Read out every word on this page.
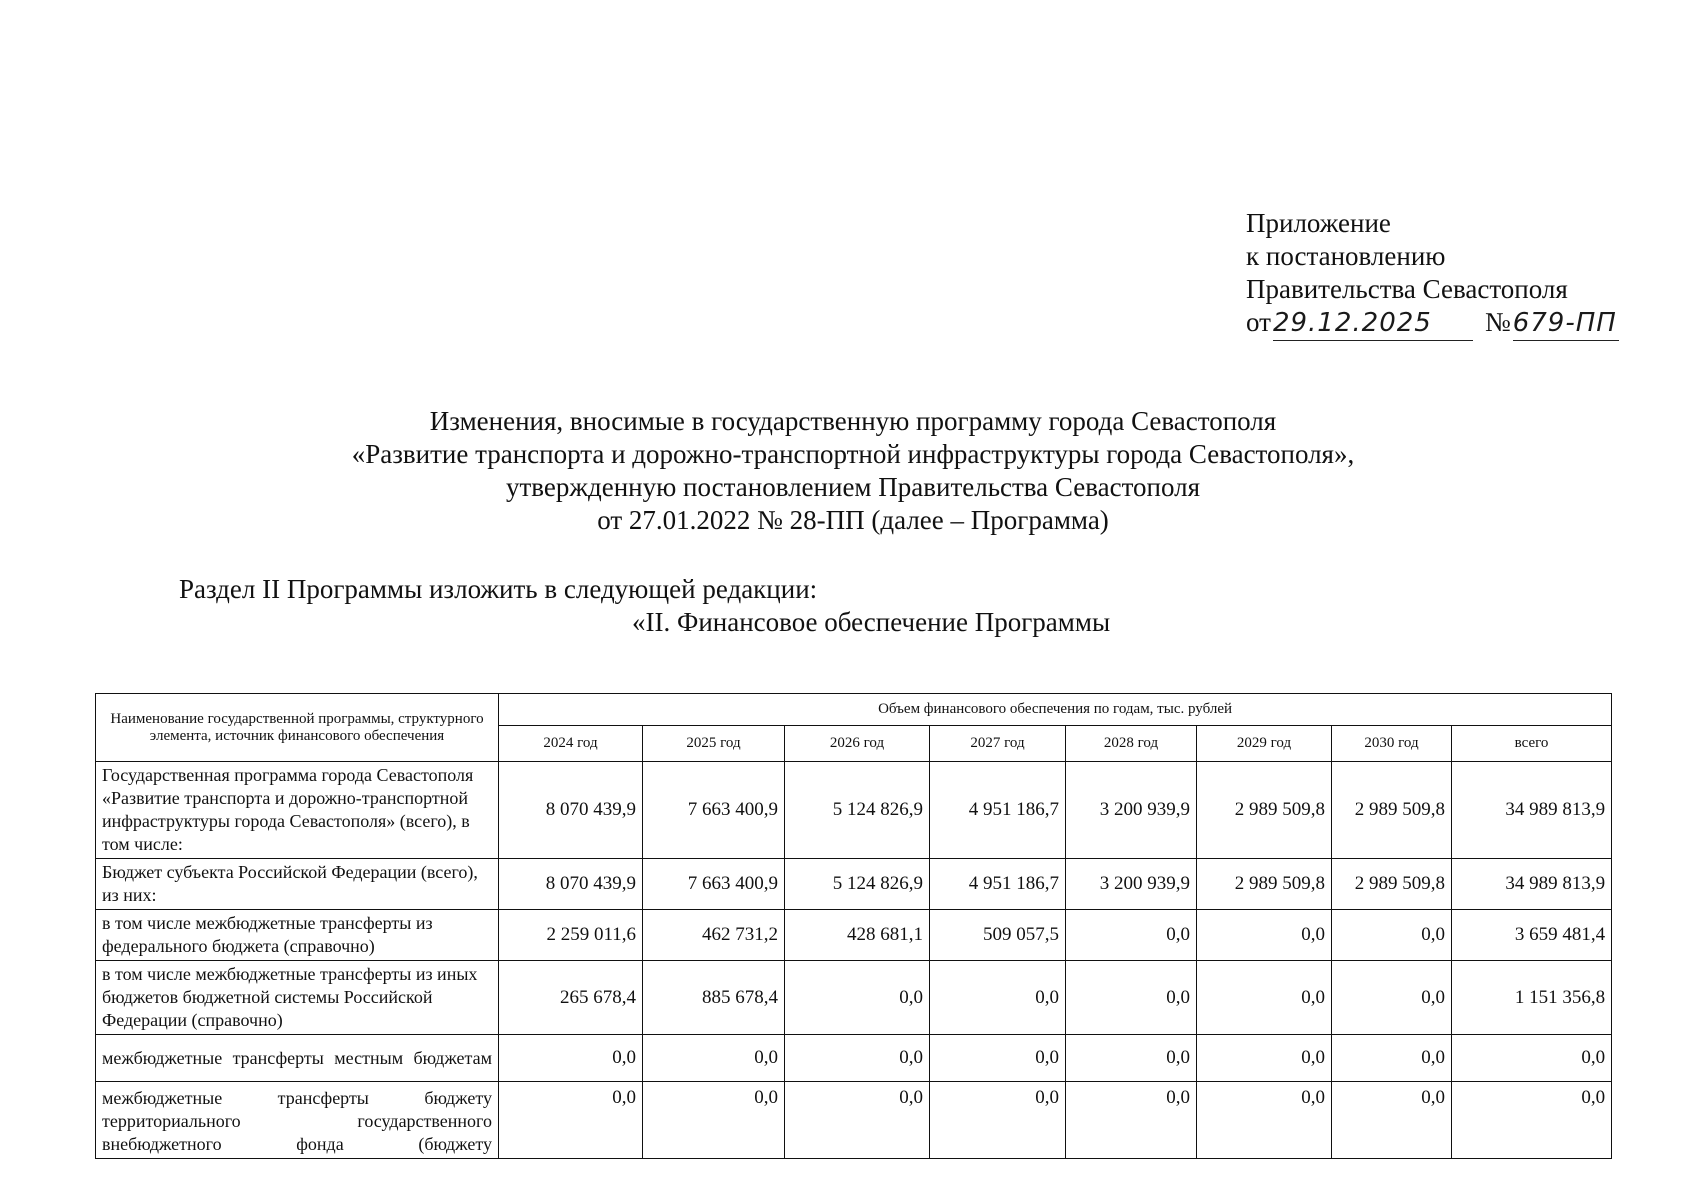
Приложение
к постановлению
Правительства Севастополя
от29.12.2025 №679-ПП
Изменения, вносимые в государственную программу города Севастополя
«Развитие транспорта и дорожно-транспортной инфраструктуры города Севастополя»,
утвержденную постановлением Правительства Севастополя
от 27.01.2022 № 28-ПП (далее – Программа)
Раздел II Программы изложить в следующей редакции:
«II. Финансовое обеспечение Программы
Наименование государственной программы, структурного элемента, источник финансового обеспечения	Объем финансового обеспечения по годам, тыс. рублей							
	2024 год	2025 год	2026 год	2027 год	2028 год	2029 год	2030 год	всего
Государственная программа города Севастополя «Развитие транспорта и дорожно-транспортной инфраструктуры города Севастополя» (всего), в том числе:	8 070 439,9	7 663 400,9	5 124 826,9	4 951 186,7	3 200 939,9	2 989 509,8	2 989 509,8	34 989 813,9
Бюджет субъекта Российской Федерации (всего), из них:	8 070 439,9	7 663 400,9	5 124 826,9	4 951 186,7	3 200 939,9	2 989 509,8	2 989 509,8	34 989 813,9
в том числе межбюджетные трансферты из федерального бюджета (справочно)	2 259 011,6	462 731,2	428 681,1	509 057,5	0,0	0,0	0,0	3 659 481,4
в том числе межбюджетные трансферты из иных бюджетов бюджетной системы Российской Федерации (справочно)	265 678,4	885 678,4	0,0	0,0	0,0	0,0	0,0	1 151 356,8
межбюджетные трансферты местным бюджетам	0,0	0,0	0,0	0,0	0,0	0,0	0,0	0,0
межбюджетные трансферты бюджету территориального государственного внебюджетного фонда (бюджету	0,0	0,0	0,0	0,0	0,0	0,0	0,0	0,0
